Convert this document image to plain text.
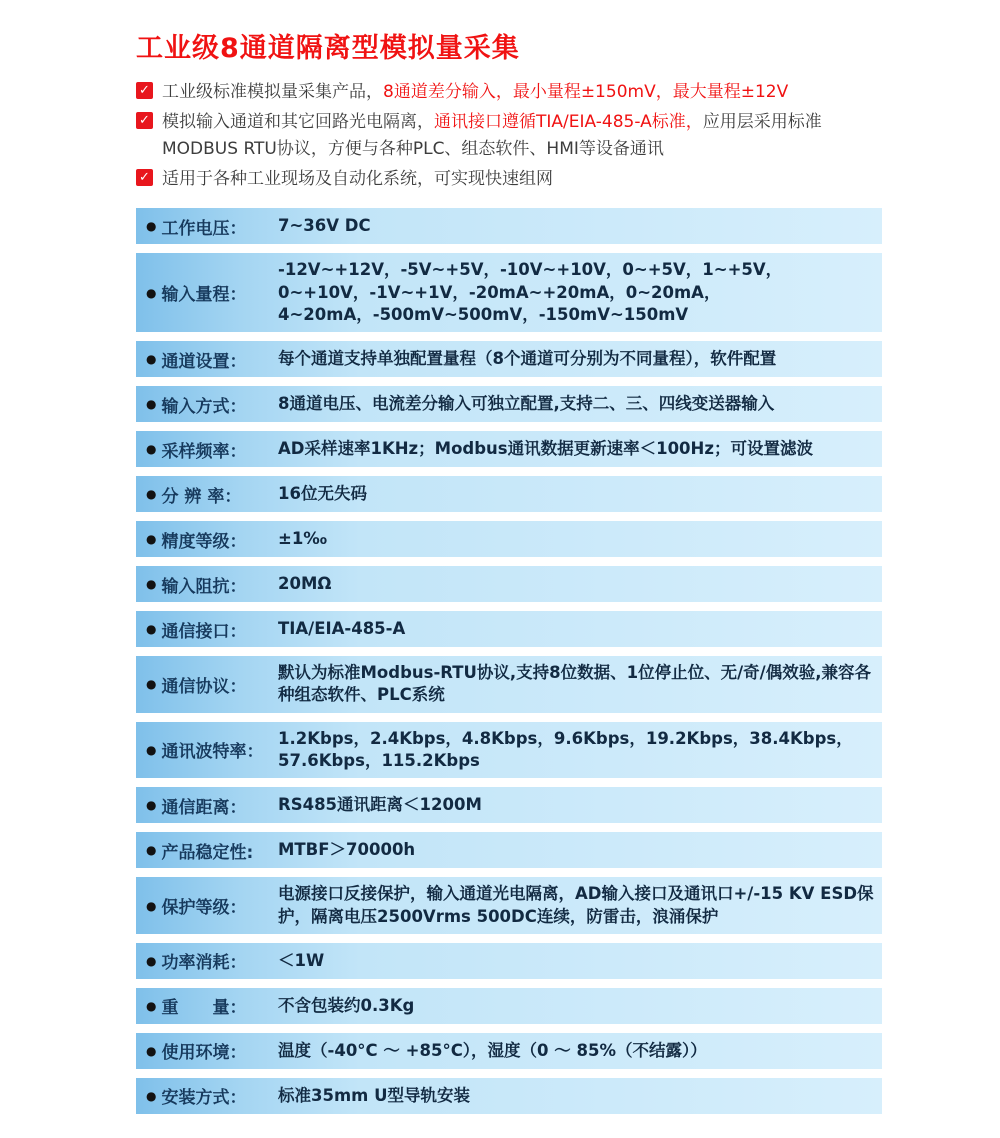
工业级8通道隔离型模拟量采集
✓ 工业级标准模拟量采集产品，8通道差分输入，最小量程±150mV，最大量程±12V

✓ 模拟输入通道和其它回路光电隔离，通讯接口遵循TIA/EIA-485-A标准，应用层采用标准MODBUS RTU协议，方便与各种PLC、组态软件、HMI等设备通讯

✓ 适用于各种工业现场及自动化系统，可实现快速组网

● 工作电压： 7~36V DC
● 输入量程：
-12V~+12V，-5V~+5V，-10V~+10V，0~+5V，1~+5V，0~+10V，-1V~+1V，-20mA~+20mA，0~20mA，4~20mA，-500mV~500mV，-150mV~150mV
● 通道设置： 每个通道支持单独配置量程（8个通道可分别为不同量程），软件配置
● 输入方式： 8通道电压、电流差分输入可独立配置,支持二、三、四线变送器输入
● 采样频率： AD采样速率1KHz；Modbus通讯数据更新速率＜100Hz；可设置滤波
● 分 辨 率： 16位无失码
● 精度等级： ±1‰
● 输入阻抗： 20MΩ
● 通信接口： TIA/EIA-485-A
● 通信协议：
默认为标准Modbus-RTU协议,支持8位数据、1位停止位、无/奇/偶效验,兼容各种组态软件、PLC系统
● 通讯波特率：
1.2Kbps，2.4Kbps，4.8Kbps，9.6Kbps，19.2Kbps，38.4Kbps，57.6Kbps，115.2Kbps
● 通信距离： RS485通讯距离＜1200M
● 产品稳定性: MTBF＞70000h
● 保护等级：
电源接口反接保护，输入通道光电隔离，AD输入接口及通讯口+/-15 KV ESD保护，隔离电压2500Vrms 500DC连续，防雷击，浪涌保护
● 功率消耗： ＜1W
● 重　　量： 不含包装约0.3Kg
● 使用环境： 温度（-40°C ～ +85°C），湿度（0 ～ 85%（不结露））
● 安装方式： 标准35mm U型导轨安装
